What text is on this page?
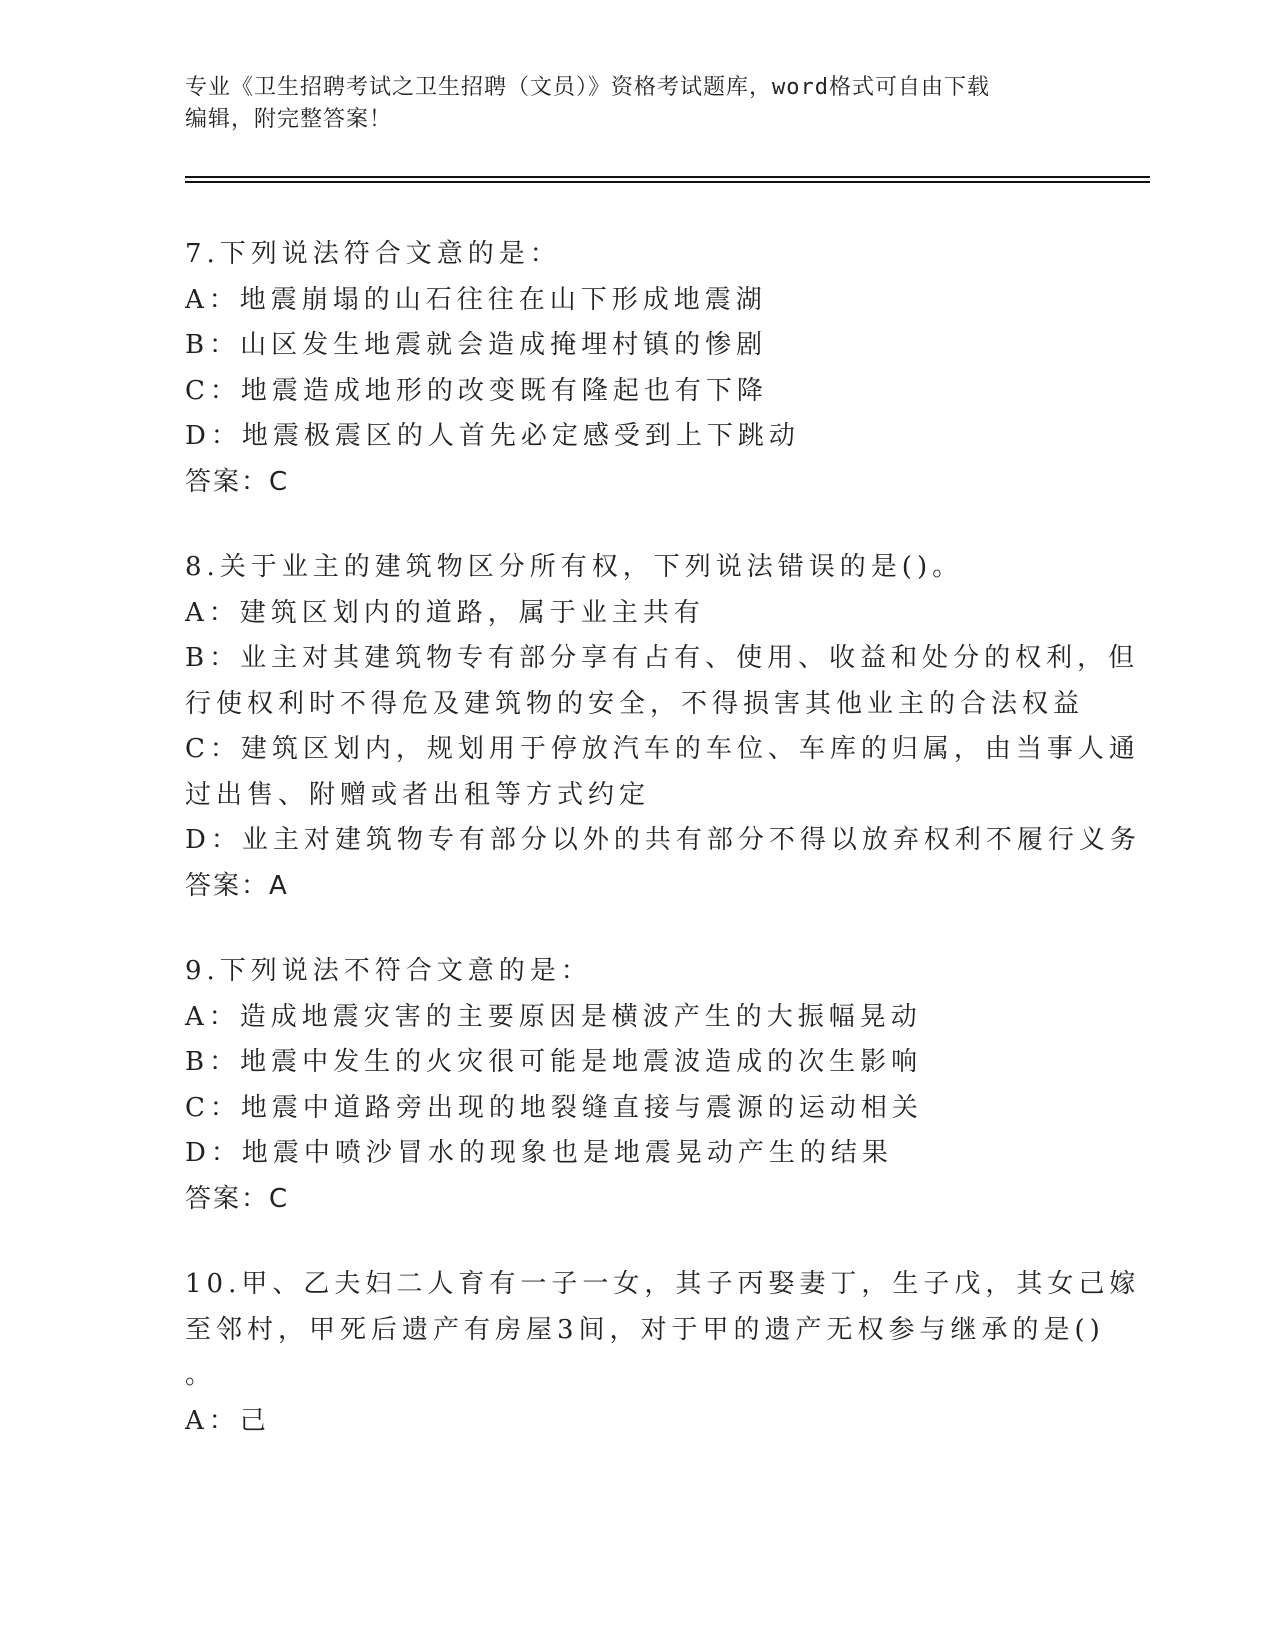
专业《卫生招聘考试之卫生招聘（文员）》资格考试题库，word格式可自由下载
编辑，附完整答案！
7.下列说法符合文意的是：
A：地震崩塌的山石往往在山下形成地震湖
B：山区发生地震就会造成掩埋村镇的惨剧
C：地震造成地形的改变既有隆起也有下降
D：地震极震区的人首先必定感受到上下跳动
答案：C
8.关于业主的建筑物区分所有权，下列说法错误的是()。
A：建筑区划内的道路，属于业主共有
B：业主对其建筑物专有部分享有占有、使用、收益和处分的权利，但
行使权利时不得危及建筑物的安全，不得损害其他业主的合法权益
C：建筑区划内，规划用于停放汽车的车位、车库的归属，由当事人通
过出售、附赠或者出租等方式约定
D：业主对建筑物专有部分以外的共有部分不得以放弃权利不履行义务
答案：A
9.下列说法不符合文意的是：
A：造成地震灾害的主要原因是横波产生的大振幅晃动
B：地震中发生的火灾很可能是地震波造成的次生影响
C：地震中道路旁出现的地裂缝直接与震源的运动相关
D：地震中喷沙冒水的现象也是地震晃动产生的结果
答案：C
10.甲、乙夫妇二人育有一子一女，其子丙娶妻丁，生子戊，其女己嫁
至邻村，甲死后遗产有房屋3间，对于甲的遗产无权参与继承的是()
。
A：己
